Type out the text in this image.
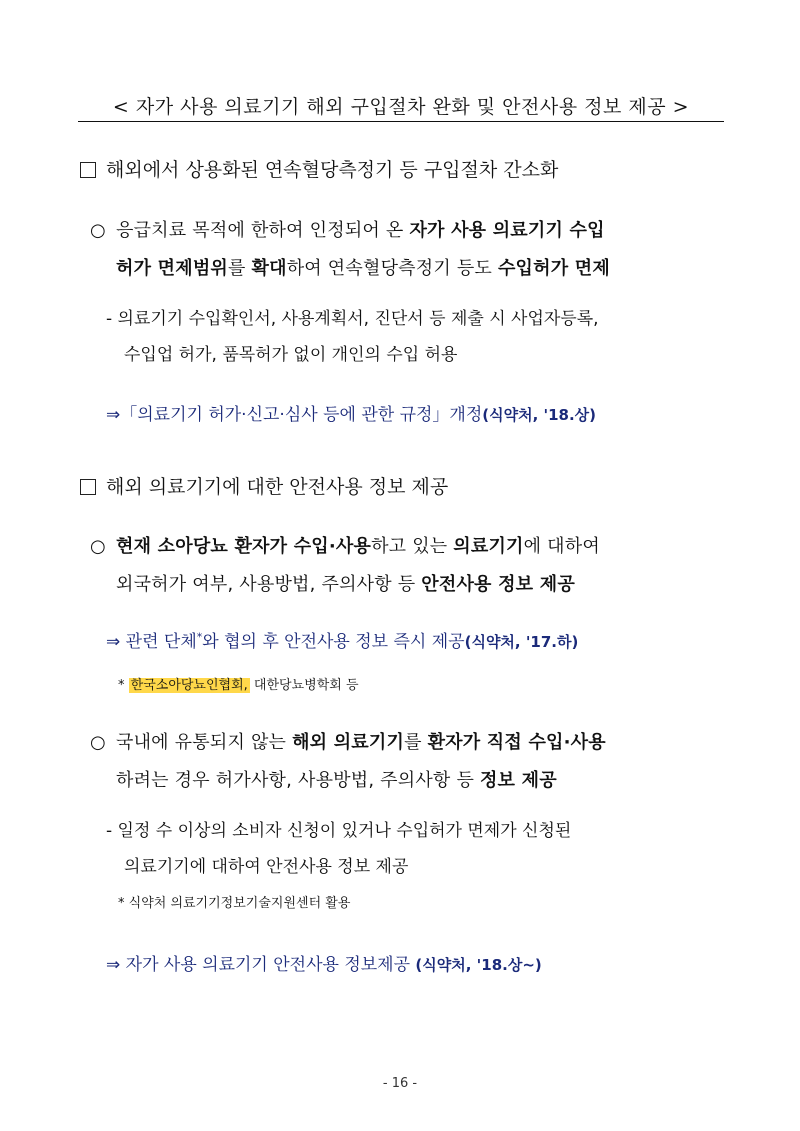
< 자가 사용 의료기기 해외 구입절차 완화 및 안전사용 정보 제공 >
해외에서 상용화된 연속혈당측정기 등 구입절차 간소화
○ 응급치료 목적에 한하여 인정되어 온 자가 사용 의료기기 수입
허가 면제범위를 확대하여 연속혈당측정기 등도 수입허가 면제
- 의료기기 수입확인서, 사용계획서, 진단서 등 제출 시 사업자등록,
수입업 허가, 품목허가 없이 개인의 수입 허용
⇒「의료기기 허가·신고·심사 등에 관한 규정」개정(식약처, '18.상)
해외 의료기기에 대한 안전사용 정보 제공
○ 현재 소아당뇨 환자가 수입·사용하고 있는 의료기기에 대하여
외국허가 여부, 사용방법, 주의사항 등 안전사용 정보 제공
⇒ 관련 단체*와 협의 후 안전사용 정보 즉시 제공(식약처, '17.하)
* 한국소아당뇨인협회, 대한당뇨병학회 등
○ 국내에 유통되지 않는 해외 의료기기를 환자가 직접 수입·사용
하려는 경우 허가사항, 사용방법, 주의사항 등 정보 제공
- 일정 수 이상의 소비자 신청이 있거나 수입허가 면제가 신청된
의료기기에 대하여 안전사용 정보 제공
* 식약처 의료기기정보기술지원센터 활용
⇒ 자가 사용 의료기기 안전사용 정보제공 (식약처, '18.상~)
- 16 -
